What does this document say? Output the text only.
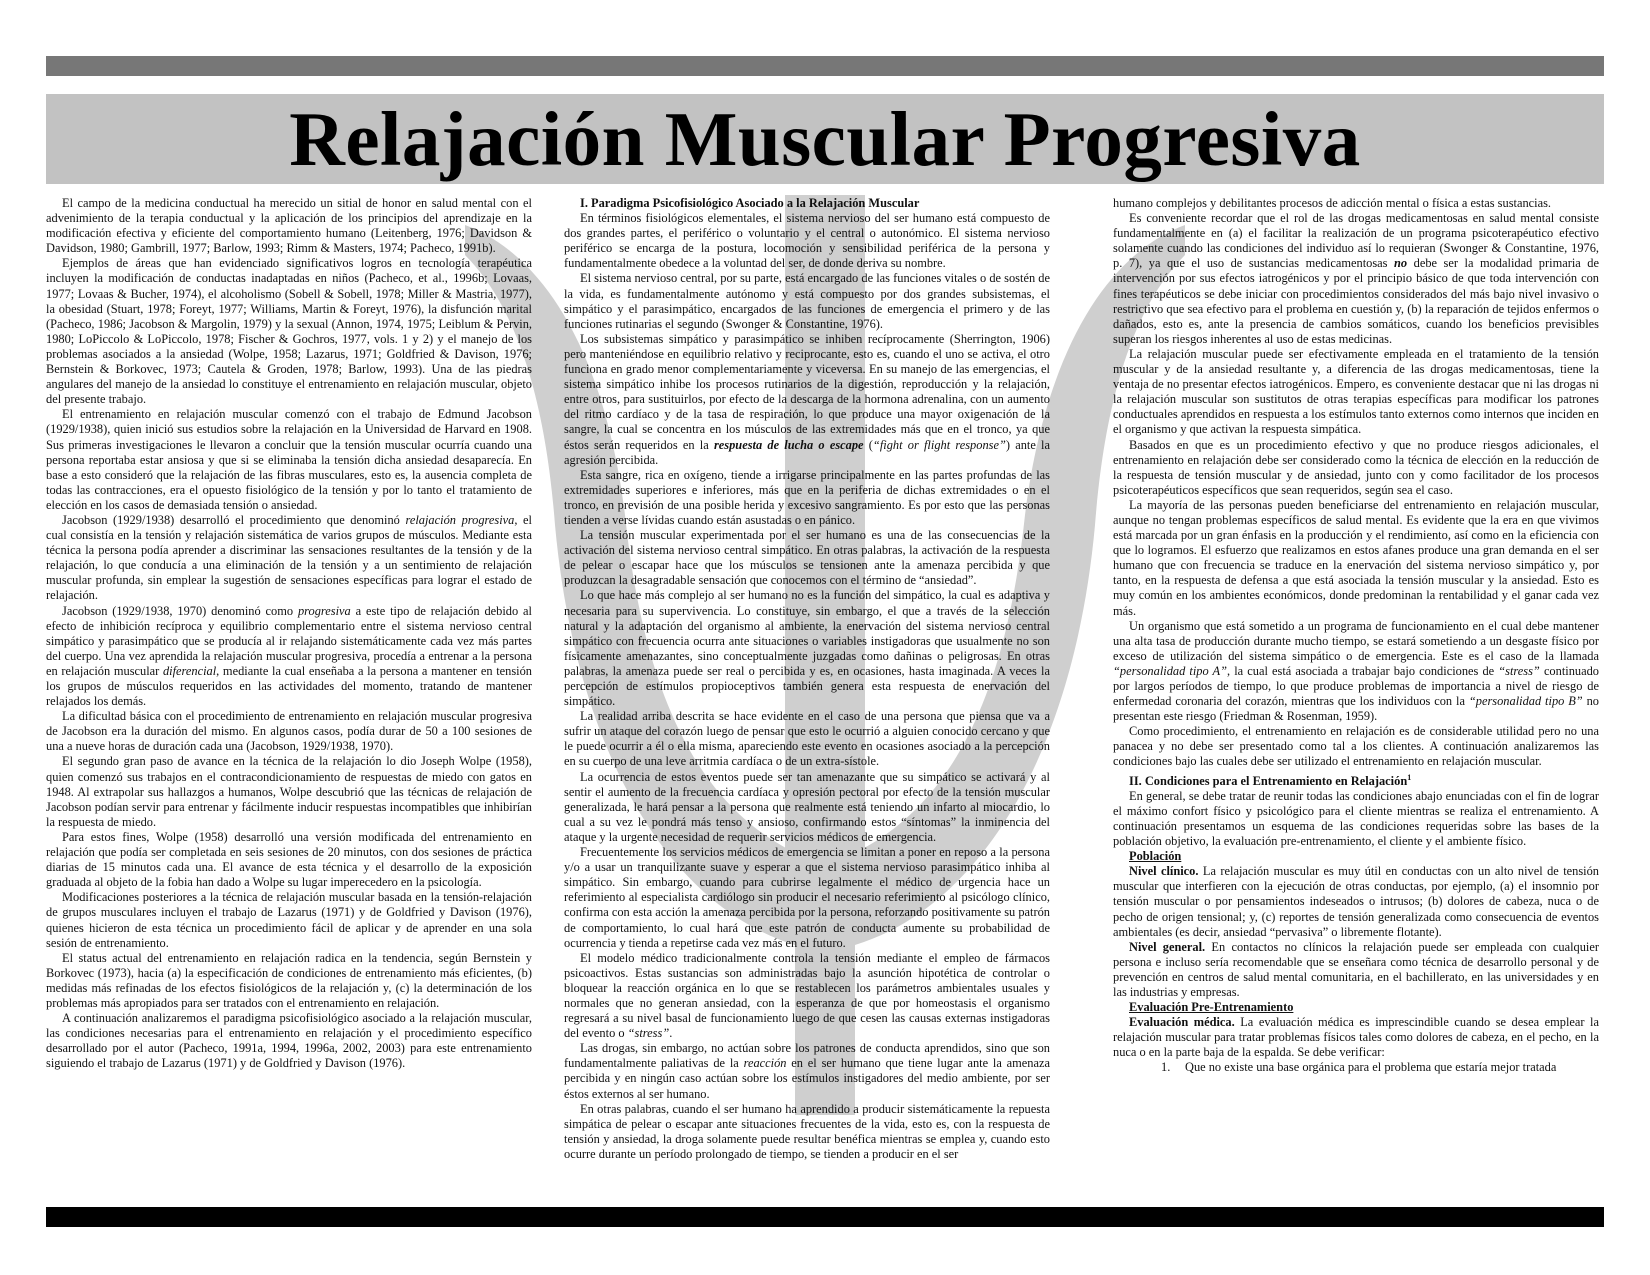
Relajación Muscular Progresiva

El campo de la medicina conductual ha merecido un sitial de honor en salud mental con el advenimiento de la terapia conductual y la aplicación de los principios del aprendizaje en la modificación efectiva y eficiente del comportamiento humano (Leitenberg, 1976; Davidson & Davidson, 1980; Gambrill, 1977; Barlow, 1993; Rimm & Masters, 1974; Pacheco, 1991b).

Ejemplos de áreas que han evidenciado significativos logros en tecnología terapéutica incluyen la modificación de conductas inadaptadas en niños (Pacheco, et al., 1996b; Lovaas, 1977; Lovaas & Bucher, 1974), el alcoholismo (Sobell & Sobell, 1978; Miller & Mastria, 1977), la obesidad (Stuart, 1978; Foreyt, 1977; Williams, Martin & Foreyt, 1976), la disfunción marital (Pacheco, 1986; Jacobson & Margolin, 1979) y la sexual (Annon, 1974, 1975; Leiblum & Pervin, 1980; LoPiccolo & LoPiccolo, 1978; Fischer & Gochros, 1977, vols. 1 y 2) y el manejo de los problemas asociados a la ansiedad (Wolpe, 1958; Lazarus, 1971; Goldfried & Davison, 1976; Bernstein & Borkovec, 1973; Cautela & Groden, 1978; Barlow, 1993). Una de las piedras angulares del manejo de la ansiedad lo constituye el entrenamiento en relajación muscular, objeto del presente trabajo.

El entrenamiento en relajación muscular comenzó con el trabajo de Edmund Jacobson (1929/1938), quien inició sus estudios sobre la relajación en la Universidad de Harvard en 1908. Sus primeras investigaciones le llevaron a concluir que la tensión muscular ocurría cuando una persona reportaba estar ansiosa y que si se eliminaba la tensión dicha ansiedad desaparecía. En base a esto consideró que la relajación de las fibras musculares, esto es, la ausencia completa de todas las contracciones, era el opuesto fisiológico de la tensión y por lo tanto el tratamiento de elección en los casos de demasiada tensión o ansiedad.

Jacobson (1929/1938) desarrolló el procedimiento que denominó relajación progresiva, el cual consistía en la tensión y relajación sistemática de varios grupos de músculos. Mediante esta técnica la persona podía aprender a discriminar las sensaciones resultantes de la tensión y de la relajación, lo que conducía a una eliminación de la tensión y a un sentimiento de relajación muscular profunda, sin emplear la sugestión de sensaciones específicas para lograr el estado de relajación.

Jacobson (1929/1938, 1970) denominó como progresiva a este tipo de relajación debido al efecto de inhibición recíproca y equilibrio complementario entre el sistema nervioso central simpático y parasimpático que se producía al ir relajando sistemáticamente cada vez más partes del cuerpo. Una vez aprendida la relajación muscular progresiva, procedía a entrenar a la persona en relajación muscular diferencial, mediante la cual enseñaba a la persona a mantener en tensión los grupos de músculos requeridos en las actividades del momento, tratando de mantener relajados los demás.

La dificultad básica con el procedimiento de entrenamiento en relajación muscular progresiva de Jacobson era la duración del mismo. En algunos casos, podía durar de 50 a 100 sesiones de una a nueve horas de duración cada una (Jacobson, 1929/1938, 1970).

El segundo gran paso de avance en la técnica de la relajación lo dio Joseph Wolpe (1958), quien comenzó sus trabajos en el contracondicionamiento de respuestas de miedo con gatos en 1948. Al extrapolar sus hallazgos a humanos, Wolpe descubrió que las técnicas de relajación de Jacobson podían servir para entrenar y fácilmente inducir respuestas incompatibles que inhibirían la respuesta de miedo.

Para estos fines, Wolpe (1958) desarrolló una versión modificada del entrenamiento en relajación que podía ser completada en seis sesiones de 20 minutos, con dos sesiones de práctica diarias de 15 minutos cada una. El avance de esta técnica y el desarrollo de la exposición graduada al objeto de la fobia han dado a Wolpe su lugar imperecedero en la psicología.

Modificaciones posteriores a la técnica de relajación muscular basada en la tensión-relajación de grupos musculares incluyen el trabajo de Lazarus (1971) y de Goldfried y Davison (1976), quienes hicieron de esta técnica un procedimiento fácil de aplicar y de aprender en una sola sesión de entrenamiento.

El status actual del entrenamiento en relajación radica en la tendencia, según Bernstein y Borkovec (1973), hacia (a) la especificación de condiciones de entrenamiento más eficientes, (b) medidas más refinadas de los efectos fisiológicos de la relajación y, (c) la determinación de los problemas más apropiados para ser tratados con el entrenamiento en relajación.

A continuación analizaremos el paradigma psicofisiológico asociado a la relajación muscular, las condiciones necesarias para el entrenamiento en relajación y el procedimiento específico desarrollado por el autor (Pacheco, 1991a, 1994, 1996a, 2002, 2003) para este entrenamiento siguiendo el trabajo de Lazarus (1971) y de Goldfried y Davison (1976).

I. Paradigma Psicofisiológico Asociado a la Relajación Muscular

En términos fisiológicos elementales, el sistema nervioso del ser humano está compuesto de dos grandes partes, el periférico o voluntario y el central o autonómico. El sistema nervioso periférico se encarga de la postura, locomoción y sensibilidad periférica de la persona y fundamentalmente obedece a la voluntad del ser, de donde deriva su nombre.

El sistema nervioso central, por su parte, está encargado de las funciones vitales o de sostén de la vida, es fundamentalmente autónomo y está compuesto por dos grandes subsistemas, el simpático y el parasimpático, encargados de las funciones de emergencia el primero y de las funciones rutinarias el segundo (Swonger & Constantine, 1976).

Los subsistemas simpático y parasimpático se inhiben recíprocamente (Sherrington, 1906) pero manteniéndose en equilibrio relativo y reciprocante, esto es, cuando el uno se activa, el otro funciona en grado menor complementariamente y viceversa. En su manejo de las emergencias, el sistema simpático inhibe los procesos rutinarios de la digestión, reproducción y la relajación, entre otros, para sustituirlos, por efecto de la descarga de la hormona adrenalina, con un aumento del ritmo cardíaco y de la tasa de respiración, lo que produce una mayor oxigenación de la sangre, la cual se concentra en los músculos de las extremidades más que en el tronco, ya que éstos serán requeridos en la respuesta de lucha o escape (“fight or flight response”) ante la agresión percibida.

Esta sangre, rica en oxígeno, tiende a irrigarse principalmente en las partes profundas de las extremidades superiores e inferiores, más que en la periferia de dichas extremidades o en el tronco, en previsión de una posible herida y excesivo sangramiento. Es por esto que las personas tienden a verse lívidas cuando están asustadas o en pánico.

La tensión muscular experimentada por el ser humano es una de las consecuencias de la activación del sistema nervioso central simpático. En otras palabras, la activación de la respuesta de pelear o escapar hace que los músculos se tensionen ante la amenaza percibida y que produzcan la desagradable sensación que conocemos con el término de “ansiedad”.

Lo que hace más complejo al ser humano no es la función del simpático, la cual es adaptiva y necesaria para su supervivencia. Lo constituye, sin embargo, el que a través de la selección natural y la adaptación del organismo al ambiente, la enervación del sistema nervioso central simpático con frecuencia ocurra ante situaciones o variables instigadoras que usualmente no son físicamente amenazantes, sino conceptualmente juzgadas como dañinas o peligrosas. En otras palabras, la amenaza puede ser real o percibida y es, en ocasiones, hasta imaginada. A veces la percepción de estímulos propioceptivos también genera esta respuesta de enervación del simpático.

La realidad arriba descrita se hace evidente en el caso de una persona que piensa que va a sufrir un ataque del corazón luego de pensar que esto le ocurrió a alguien conocido cercano y que le puede ocurrir a él o ella misma, apareciendo este evento en ocasiones asociado a la percepción en su cuerpo de una leve arritmia cardíaca o de un extra-sístole.

La ocurrencia de estos eventos puede ser tan amenazante que su simpático se activará y al sentir el aumento de la frecuencia cardíaca y opresión pectoral por efecto de la tensión muscular generalizada, le hará pensar a la persona que realmente está teniendo un infarto al miocardio, lo cual a su vez le pondrá más tenso y ansioso, confirmando estos “síntomas” la inminencia del ataque y la urgente necesidad de requerir servicios médicos de emergencia.

Frecuentemente los servicios médicos de emergencia se limitan a poner en reposo a la persona y/o a usar un tranquilizante suave y esperar a que el sistema nervioso parasimpático inhiba al simpático. Sin embargo, cuando para cubrirse legalmente el médico de urgencia hace un referimiento al especialista cardiólogo sin producir el necesario referimiento al psicólogo clínico, confirma con esta acción la amenaza percibida por la persona, reforzando positivamente su patrón de comportamiento, lo cual hará que este patrón de conducta aumente su probabilidad de ocurrencia y tienda a repetirse cada vez más en el futuro.

El modelo médico tradicionalmente controla la tensión mediante el empleo de fármacos psicoactivos. Estas sustancias son administradas bajo la asunción hipotética de controlar o bloquear la reacción orgánica en lo que se restablecen los parámetros ambientales usuales y normales que no generan ansiedad, con la esperanza de que por homeostasis el organismo regresará a su nivel basal de funcionamiento luego de que cesen las causas externas instigadoras del evento o “stress”.

Las drogas, sin embargo, no actúan sobre los patrones de conducta aprendidos, sino que son fundamentalmente paliativas de la reacción en el ser humano que tiene lugar ante la amenaza percibida y en ningún caso actúan sobre los estímulos instigadores del medio ambiente, por ser éstos externos al ser humano.

En otras palabras, cuando el ser humano ha aprendido a producir sistemáticamente la repuesta simpática de pelear o escapar ante situaciones frecuentes de la vida, esto es, con la respuesta de tensión y ansiedad, la droga solamente puede resultar benéfica mientras se emplea y, cuando esto ocurre durante un período prolongado de tiempo, se tienden a producir en el ser

humano complejos y debilitantes procesos de adicción mental o física a estas sustancias.

Es conveniente recordar que el rol de las drogas medicamentosas en salud mental consiste fundamentalmente en (a) el facilitar la realización de un programa psicoterapéutico efectivo solamente cuando las condiciones del individuo así lo requieran (Swonger & Constantine, 1976, p. 7), ya que el uso de sustancias medicamentosas no debe ser la modalidad primaria de intervención por sus efectos iatrogénicos y por el principio básico de que toda intervención con fines terapéuticos se debe iniciar con procedimientos considerados del más bajo nivel invasivo o restrictivo que sea efectivo para el problema en cuestión y, (b) la reparación de tejidos enfermos o dañados, esto es, ante la presencia de cambios somáticos, cuando los beneficios previsibles superan los riesgos inherentes al uso de estas medicinas.

La relajación muscular puede ser efectivamente empleada en el tratamiento de la tensión muscular y de la ansiedad resultante y, a diferencia de las drogas medicamentosas, tiene la ventaja de no presentar efectos iatrogénicos. Empero, es conveniente destacar que ni las drogas ni la relajación muscular son sustitutos de otras terapias específicas para modificar los patrones conductuales aprendidos en respuesta a los estímulos tanto externos como internos que inciden en el organismo y que activan la respuesta simpática.

Basados en que es un procedimiento efectivo y que no produce riesgos adicionales, el entrenamiento en relajación debe ser considerado como la técnica de elección en la reducción de la respuesta de tensión muscular y de ansiedad, junto con y como facilitador de los procesos psicoterapéuticos específicos que sean requeridos, según sea el caso.

La mayoría de las personas pueden beneficiarse del entrenamiento en relajación muscular, aunque no tengan problemas específicos de salud mental. Es evidente que la era en que vivimos está marcada por un gran énfasis en la producción y el rendimiento, así como en la eficiencia con que lo logramos. El esfuerzo que realizamos en estos afanes produce una gran demanda en el ser humano que con frecuencia se traduce en la enervación del sistema nervioso simpático y, por tanto, en la respuesta de defensa a que está asociada la tensión muscular y la ansiedad. Esto es muy común en los ambientes económicos, donde predominan la rentabilidad y el ganar cada vez más.

Un organismo que está sometido a un programa de funcionamiento en el cual debe mantener una alta tasa de producción durante mucho tiempo, se estará sometiendo a un desgaste físico por exceso de utilización del sistema simpático o de emergencia. Este es el caso de la llamada “personalidad tipo A”, la cual está asociada a trabajar bajo condiciones de “stress” continuado por largos períodos de tiempo, lo que produce problemas de importancia a nivel de riesgo de enfermedad coronaria del corazón, mientras que los individuos con la “personalidad tipo B” no presentan este riesgo (Friedman & Rosenman, 1959).

Como procedimiento, el entrenamiento en relajación es de considerable utilidad pero no una panacea y no debe ser presentado como tal a los clientes. A continuación analizaremos las condiciones bajo las cuales debe ser utilizado el entrenamiento en relajación muscular.

II. Condiciones para el Entrenamiento en Relajación$^1$

En general, se debe tratar de reunir todas las condiciones abajo enunciadas con el fin de lograr el máximo confort físico y psicológico para el cliente mientras se realiza el entrenamiento. A continuación presentamos un esquema de las condiciones requeridas sobre las bases de la población objetivo, la evaluación pre-entrenamiento, el cliente y el ambiente físico.

Población

Nivel clínico. La relajación muscular es muy útil en conductas con un alto nivel de tensión muscular que interfieren con la ejecución de otras conductas, por ejemplo, (a) el insomnio por tensión muscular o por pensamientos indeseados o intrusos; (b) dolores de cabeza, nuca o de pecho de origen tensional; y, (c) reportes de tensión generalizada como consecuencia de eventos ambientales (es decir, ansiedad “pervasiva” o libremente flotante).

Nivel general. En contactos no clínicos la relajación puede ser empleada con cualquier persona e incluso sería recomendable que se enseñara como técnica de desarrollo personal y de prevención en centros de salud mental comunitaria, en el bachillerato, en las universidades y en las industrias y empresas.

Evaluación Pre-Entrenamiento

Evaluación médica. La evaluación médica es imprescindible cuando se desea emplear la relajación muscular para tratar problemas físicos tales como dolores de cabeza, en el pecho, en la nuca o en la parte baja de la espalda. Se debe verificar:

1. Que no existe una base orgánica para el problema que estaría mejor tratada
